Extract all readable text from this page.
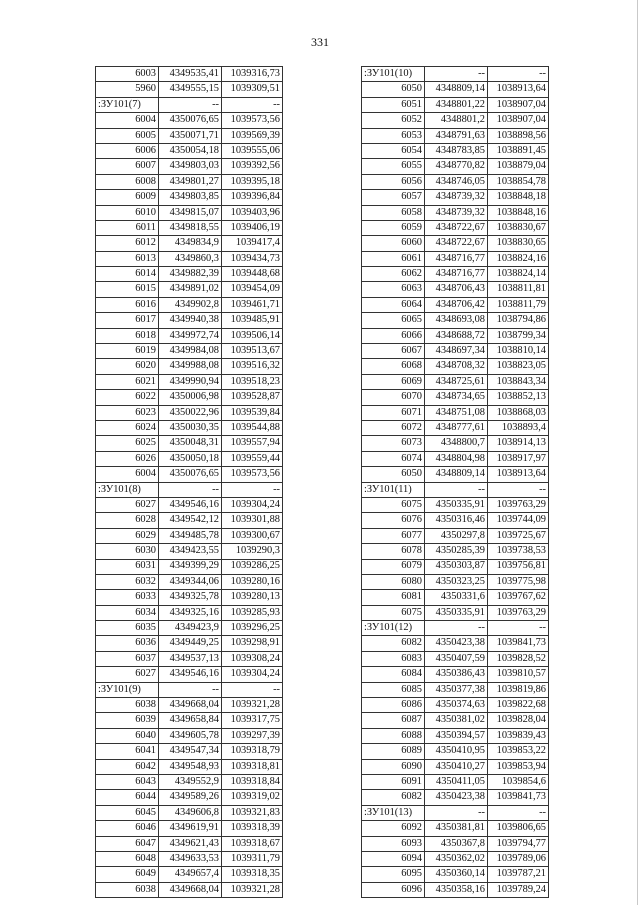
331
6003	4349535,41	1039316,73
5960	4349555,15	1039309,51
:ЗУ101(7)	--	--
6004	4350076,65	1039573,56
6005	4350071,71	1039569,39
6006	4350054,18	1039555,06
6007	4349803,03	1039392,56
6008	4349801,27	1039395,18
6009	4349803,85	1039396,84
6010	4349815,07	1039403,96
6011	4349818,55	1039406,19
6012	4349834,9	1039417,4
6013	4349860,3	1039434,73
6014	4349882,39	1039448,68
6015	4349891,02	1039454,09
6016	4349902,8	1039461,71
6017	4349940,38	1039485,91
6018	4349972,74	1039506,14
6019	4349984,08	1039513,67
6020	4349988,08	1039516,32
6021	4349990,94	1039518,23
6022	4350006,98	1039528,87
6023	4350022,96	1039539,84
6024	4350030,35	1039544,88
6025	4350048,31	1039557,94
6026	4350050,18	1039559,44
6004	4350076,65	1039573,56
:ЗУ101(8)	--	--
6027	4349546,16	1039304,24
6028	4349542,12	1039301,88
6029	4349485,78	1039300,67
6030	4349423,55	1039290,3
6031	4349399,29	1039286,25
6032	4349344,06	1039280,16
6033	4349325,78	1039280,13
6034	4349325,16	1039285,93
6035	4349423,9	1039296,25
6036	4349449,25	1039298,91
6037	4349537,13	1039308,24
6027	4349546,16	1039304,24
:ЗУ101(9)	--	--
6038	4349668,04	1039321,28
6039	4349658,84	1039317,75
6040	4349605,78	1039297,39
6041	4349547,34	1039318,79
6042	4349548,93	1039318,81
6043	4349552,9	1039318,84
6044	4349589,26	1039319,02
6045	4349606,8	1039321,83
6046	4349619,91	1039318,39
6047	4349621,43	1039318,67
6048	4349633,53	1039311,79
6049	4349657,4	1039318,35
6038	4349668,04	1039321,28
:ЗУ101(10)	--	--
6050	4348809,14	1038913,64
6051	4348801,22	1038907,04
6052	4348801,2	1038907,04
6053	4348791,63	1038898,56
6054	4348783,85	1038891,45
6055	4348770,82	1038879,04
6056	4348746,05	1038854,78
6057	4348739,32	1038848,18
6058	4348739,32	1038848,16
6059	4348722,67	1038830,67
6060	4348722,67	1038830,65
6061	4348716,77	1038824,16
6062	4348716,77	1038824,14
6063	4348706,43	1038811,81
6064	4348706,42	1038811,79
6065	4348693,08	1038794,86
6066	4348688,72	1038799,34
6067	4348697,34	1038810,14
6068	4348708,32	1038823,05
6069	4348725,61	1038843,34
6070	4348734,65	1038852,13
6071	4348751,08	1038868,03
6072	4348777,61	1038893,4
6073	4348800,7	1038914,13
6074	4348804,98	1038917,97
6050	4348809,14	1038913,64
:ЗУ101(11)	--	--
6075	4350335,91	1039763,29
6076	4350316,46	1039744,09
6077	4350297,8	1039725,67
6078	4350285,39	1039738,53
6079	4350303,87	1039756,81
6080	4350323,25	1039775,98
6081	4350331,6	1039767,62
6075	4350335,91	1039763,29
:ЗУ101(12)	--	--
6082	4350423,38	1039841,73
6083	4350407,59	1039828,52
6084	4350386,43	1039810,57
6085	4350377,38	1039819,86
6086	4350374,63	1039822,68
6087	4350381,02	1039828,04
6088	4350394,57	1039839,43
6089	4350410,95	1039853,22
6090	4350410,27	1039853,94
6091	4350411,05	1039854,6
6082	4350423,38	1039841,73
:ЗУ101(13)	--	--
6092	4350381,81	1039806,65
6093	4350367,8	1039794,77
6094	4350362,02	1039789,06
6095	4350360,14	1039787,21
6096	4350358,16	1039789,24
